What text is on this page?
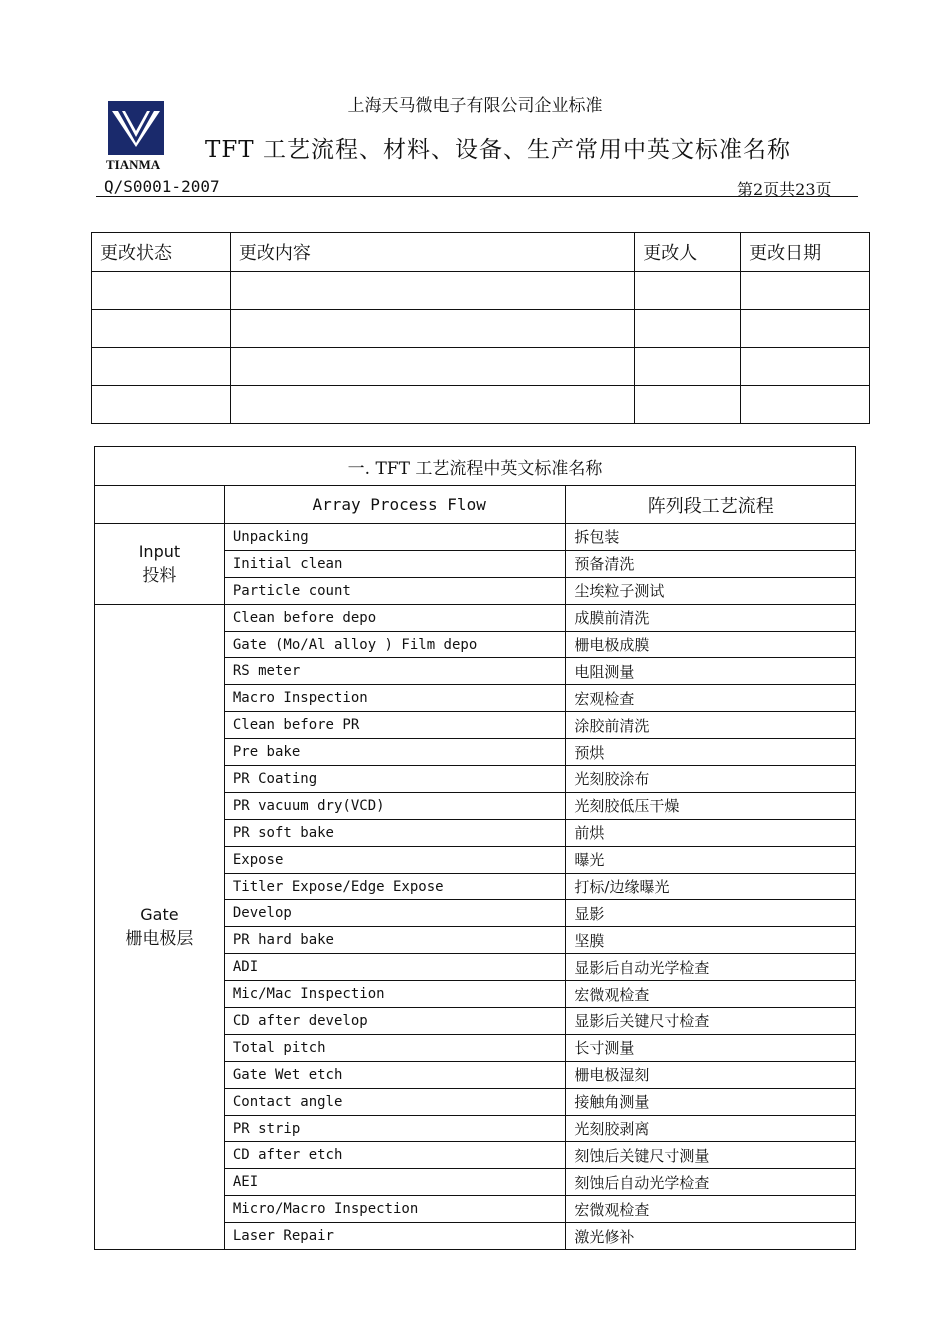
TIANMA
上海天马微电子有限公司企业标准
TFT 工艺流程、材料、设备、生产常用中英文标准名称
Q/S0001-2007	第2页共23页
更改状态	更改内容	更改人	更改日期

一. TFT 工艺流程中英文标准名称		
	Array Process Flow	阵列段工艺流程

Input
投料	Unpacking	拆包装
	Initial clean	预备清洗
	Particle count	尘埃粒子测试

Gate
栅电极层	Clean before depo	成膜前清洗
	Gate (Mo/Al alloy ) Film depo	栅电极成膜
	RS meter	电阻测量
	Macro Inspection	宏观检查
	Clean before PR	涂胶前清洗
	Pre bake	预烘
	PR Coating	光刻胶涂布
	PR vacuum dry(VCD)	光刻胶低压干燥
	PR soft bake	前烘
	Expose	曝光
	Titler Expose/Edge Expose	打标/边缘曝光
	Develop	显影
	PR hard bake	坚膜
	ADI	显影后自动光学检查
	Mic/Mac Inspection	宏微观检查
	CD after develop	显影后关键尺寸检查
	Total pitch	长寸测量
	Gate Wet etch	栅电极湿刻
	Contact angle	接触角测量
	PR strip	光刻胶剥离
	CD after etch	刻蚀后关键尺寸测量
	AEI	刻蚀后自动光学检查
	Micro/Macro Inspection	宏微观检查
	Laser Repair	激光修补
